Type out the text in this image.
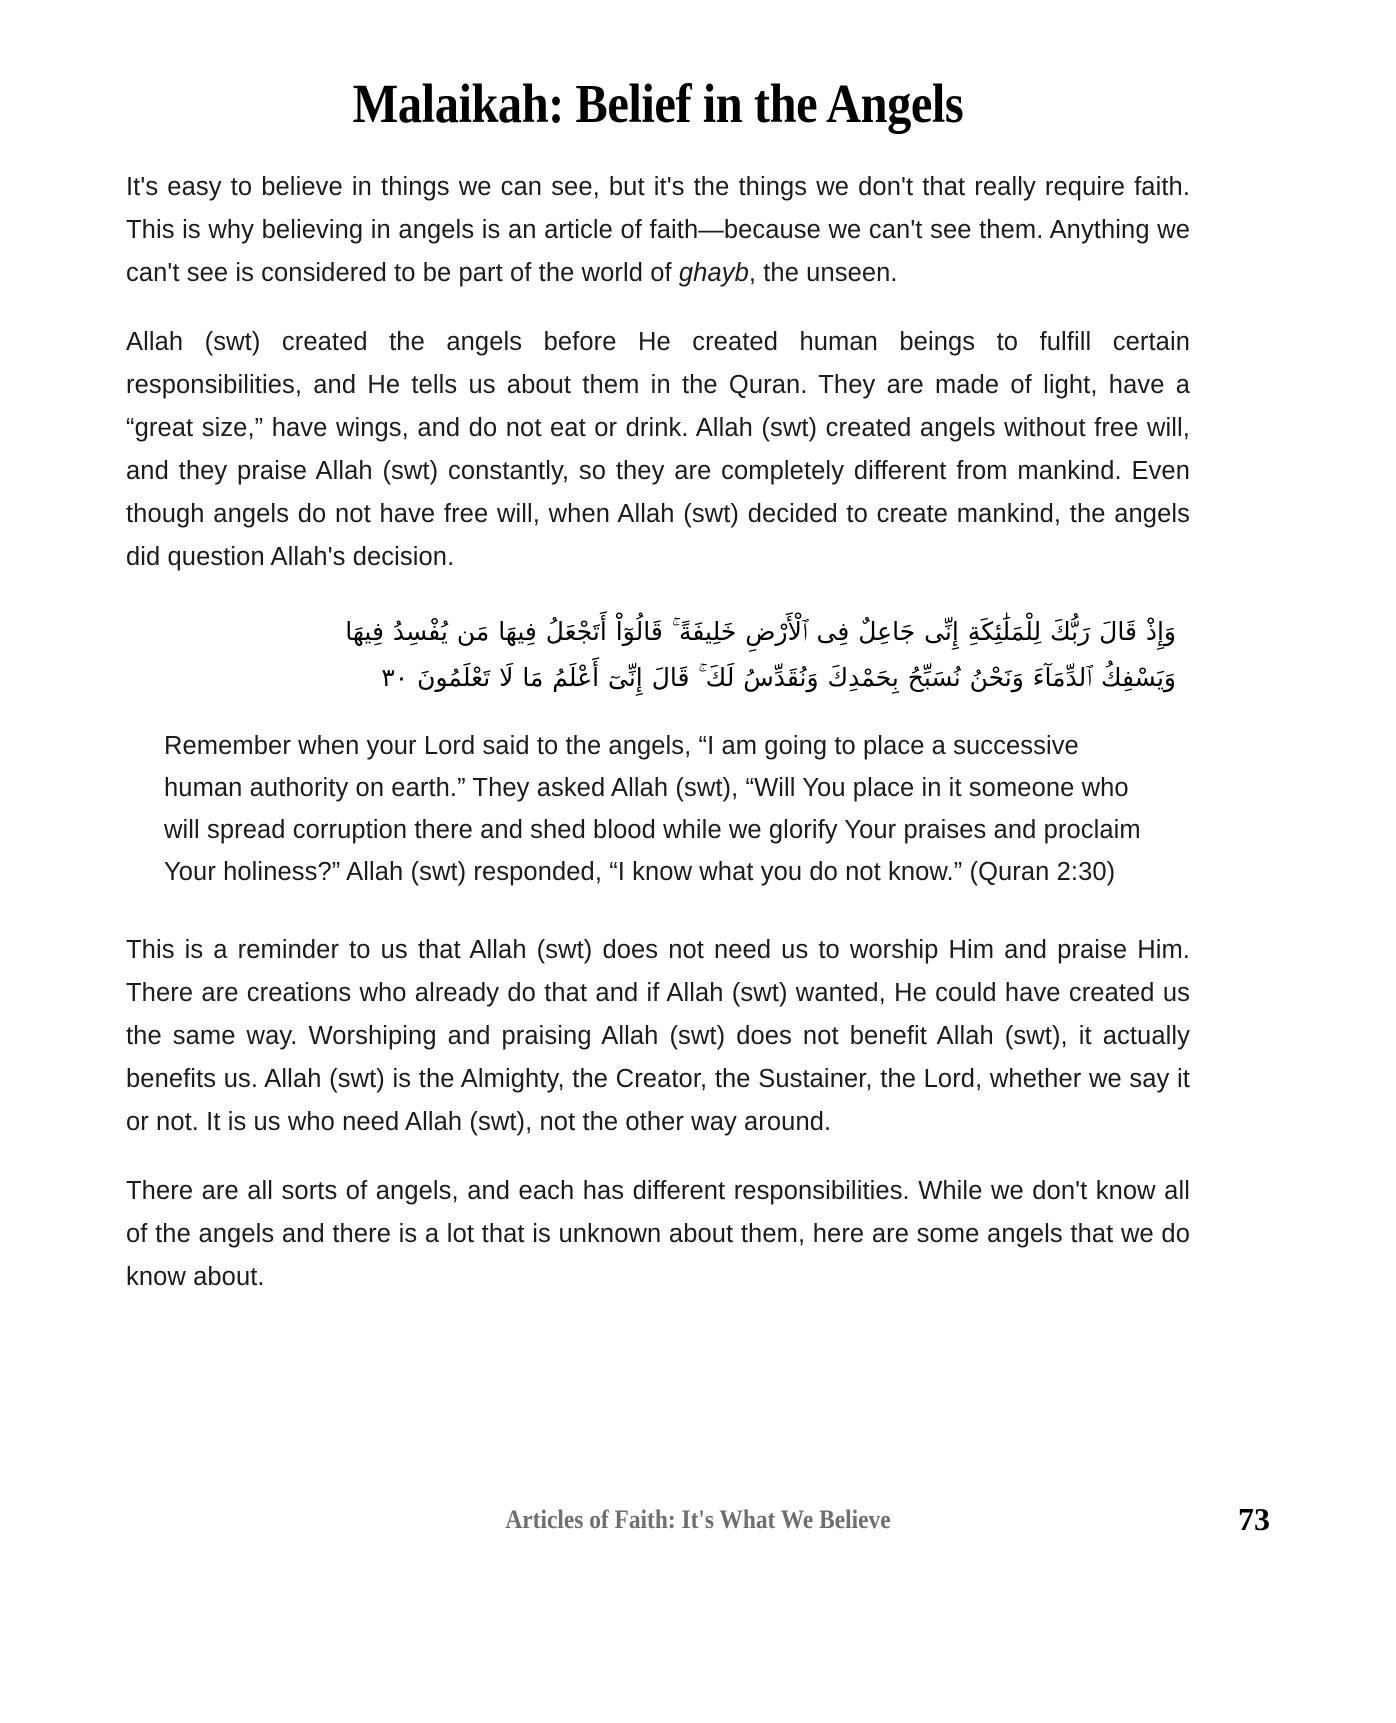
Malaikah: Belief in the Angels

It's easy to believe in things we can see, but it's the things we don't that really require faith. This is why believing in angels is an article of faith—because we can't see them. Anything we can't see is considered to be part of the world of ghayb, the unseen.

Allah (swt) created the angels before He created human beings to fulfill certain responsibilities, and He tells us about them in the Quran. They are made of light, have a “great size,” have wings, and do not eat or drink. Allah (swt) created angels without free will, and they praise Allah (swt) constantly, so they are completely different from mankind. Even though angels do not have free will, when Allah (swt) decided to create mankind, the angels did question Allah's decision.

وَإِذْ قَالَ رَبُّكَ لِلْمَلَٰئِكَةِ إِنِّى جَاعِلٌ فِى ٱلْأَرْضِ خَلِيفَةً ۚ قَالُوٓاْ أَتَجْعَلُ فِيهَا مَن يُفْسِدُ فِيهَا
وَيَسْفِكُ ٱلدِّمَآءَ وَنَحْنُ نُسَبِّحُ بِحَمْدِكَ وَنُقَدِّسُ لَكَ ۚ قَالَ إِنِّىٓ أَعْلَمُ مَا لَا تَعْلَمُونَ ٣٠

Remember when your Lord said to the angels, “I am going to place a successive human authority on earth.” They asked Allah (swt), “Will You place in it someone who will spread corruption there and shed blood while we glorify Your praises and proclaim Your holiness?” Allah (swt) responded, “I know what you do not know.” (Quran 2:30)

This is a reminder to us that Allah (swt) does not need us to worship Him and praise Him. There are creations who already do that and if Allah (swt) wanted, He could have created us the same way. Worshiping and praising Allah (swt) does not benefit Allah (swt), it actually benefits us. Allah (swt) is the Almighty, the Creator, the Sustainer, the Lord, whether we say it or not. It is us who need Allah (swt), not the other way around.

There are all sorts of angels, and each has different responsibilities. While we don't know all of the angels and there is a lot that is unknown about them, here are some angels that we do know about.

Articles of Faith: It's What We Believe	73
